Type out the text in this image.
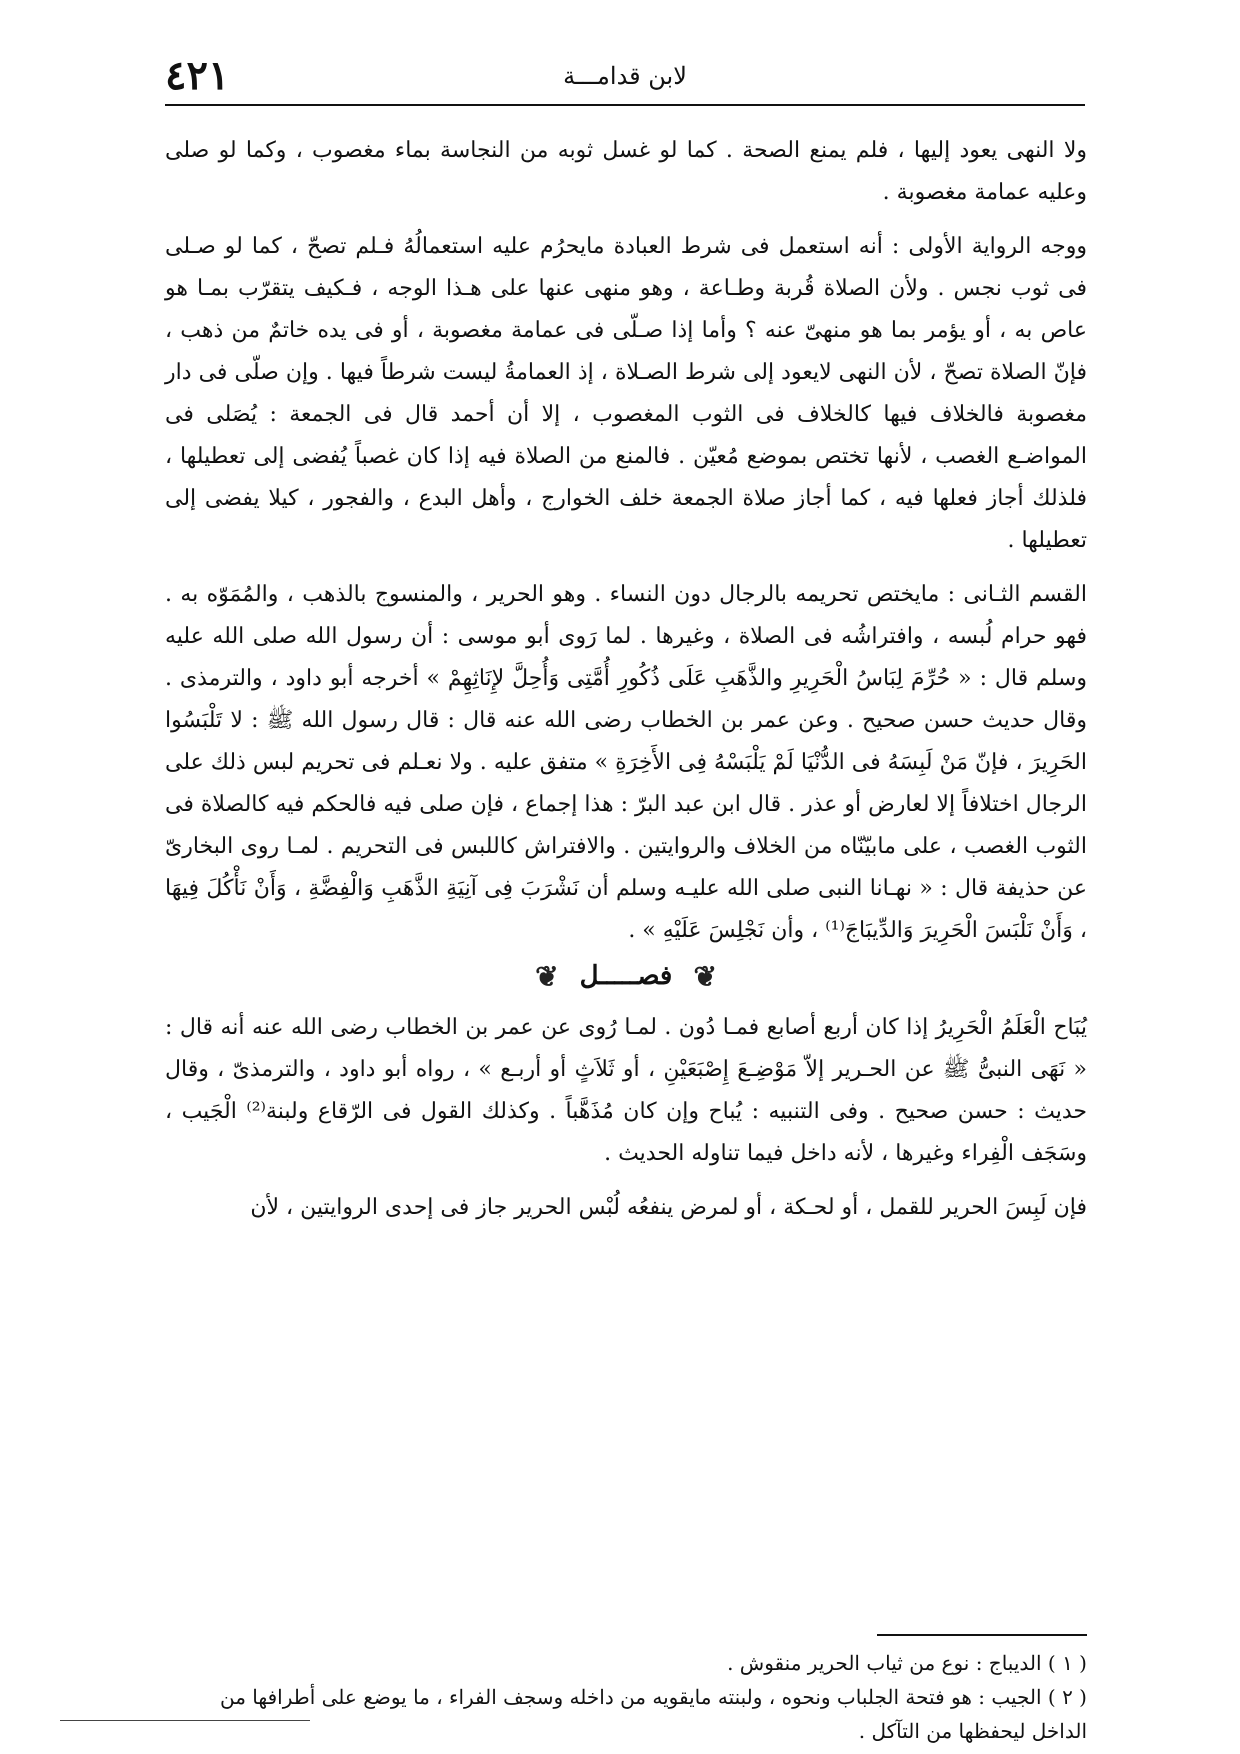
٤٢١	لابن قدامـــة

ولا النهى يعود إليها ، فلم يمنع الصحة . كما لو غسل ثوبه من النجاسة بماء مغصوب ، وكما لو صلى وعليه عمامة مغصوبة .

ووجه الرواية الأولى : أنه استعمل فى شرط العبادة مايحرُم عليه استعمالُهُ فـلم تصحّ ، كما لو صـلى فى ثوب نجس . ولأن الصلاة قُربة وطـاعة ، وهو منهى عنها على هـذا الوجه ، فـكيف يتقرّب بمـا هو عاص به ، أو يؤمر بما هو منهىّ عنه ؟ وأما إذا صـلّى فى عمامة مغصوبة ، أو فى يده خاتمٌ من ذهب ، فإنّ الصلاة تصحّ ، لأن النهى لايعود إلى شرط الصـلاة ، إذ العمامةُ ليست شرطاً فيها . وإن صلّى فى دار مغصوبة فالخلاف فيها كالخلاف فى الثوب المغصوب ، إلا أن أحمد قال فى الجمعة : يُصَلى فى المواضـع الغصب ، لأنها تختص بموضع مُعيّن . فالمنع من الصلاة فيه إذا كان غصباً يُفضى إلى تعطيلها ، فلذلك أجاز فعلها فيه ، كما أجاز صلاة الجمعة خلف الخوارج ، وأهل البدع ، والفجور ، كيلا يفضى إلى تعطيلها .

القسم الثـانى : مايختص تحريمه بالرجال دون النساء . وهو الحرير ، والمنسوج بالذهب ، والمُمَوّه به . فهو حرام لُبسه ، وافتراشُه فى الصلاة ، وغيرها . لما رَوى أبو موسى : أن رسول الله صلى الله عليه وسلم قال : « حُرِّمَ لِبَاسُ الْحَرِيرِ والذَّهَبِ عَلَى ذُكُورِ أُمَّتِى وَأُحِلَّ لإِنَاثِهِمْ » أخرجه أبو داود ، والترمذى . وقال حديث حسن صحيح . وعن عمر بن الخطاب رضى الله عنه قال : قال رسول الله ﷺ : لا تَلْبَسُوا الحَرِيرَ ، فإنّ مَنْ لَبِسَهُ فى الدُّنْيَا لَمْ يَلْبَسْهُ فِى الأَخِرَةِ » متفق عليه . ولا نعـلم فى تحريم لبس ذلك على الرجال اختلافاً إلا لعارض أو عذر . قال ابن عبد البرّ : هذا إجماع ، فإن صلى فيه فالحكم فيه كالصلاة فى الثوب الغصب ، على مابيّنّاه من الخلاف والروايتين . والافتراش كاللبس فى التحريم . لمـا روى البخارىّ عن حذيفة قال : « نهـانا النبى صلى الله عليـه وسلم أن نَشْرَبَ فِى آنِيَةِ الذَّهَبِ وَالْفِضَّةِ ، وَأَنْ نَأْكُلَ فِيهَا ، وَأَنْ نَلْبَسَ الْحَرِيرَ وَالدِّيبَاجَ⁽¹⁾ ، وأن نَجْلِسَ عَلَيْهِ » .

❦ فصـــــل ❦

يُبَاح الْعَلَمُ الْحَرِيرُ إذا كان أربع أصابع فمـا دُون . لمـا رُوى عن عمر بن الخطاب رضى الله عنه أنه قال : « نَهَى النبىُّ ﷺ عن الحـرير إلاّ مَوْضِـعَ إِصْبَعَيْنِ ، أو ثَلاَثٍ أو أربـع » ، رواه أبو داود ، والترمذىّ ، وقال حديث : حسن صحيح . وفى التنبيه : يُباح وإن كان مُذَهَّباً . وكذلك القول فى الرّقاع ولبنة⁽²⁾ الْجَيب ، وسَجَف الْفِراء وغيرها ، لأنه داخل فيما تناوله الحديث .

فإن لَبِسَ الحرير للقمل ، أو لحـكة ، أو لمرض ينفعُه لُبْس الحرير جاز فى إحدى الروايتين ، لأن

( ١ ) الديباج : نوع من ثياب الحرير منقوش .

( ٢ ) الجيب : هو فتحة الجلباب ونحوه ، ولبنته مايقويه من داخله وسجف الفراء ، ما يوضع على أطرافها من الداخل ليحفظها من التآكل .
